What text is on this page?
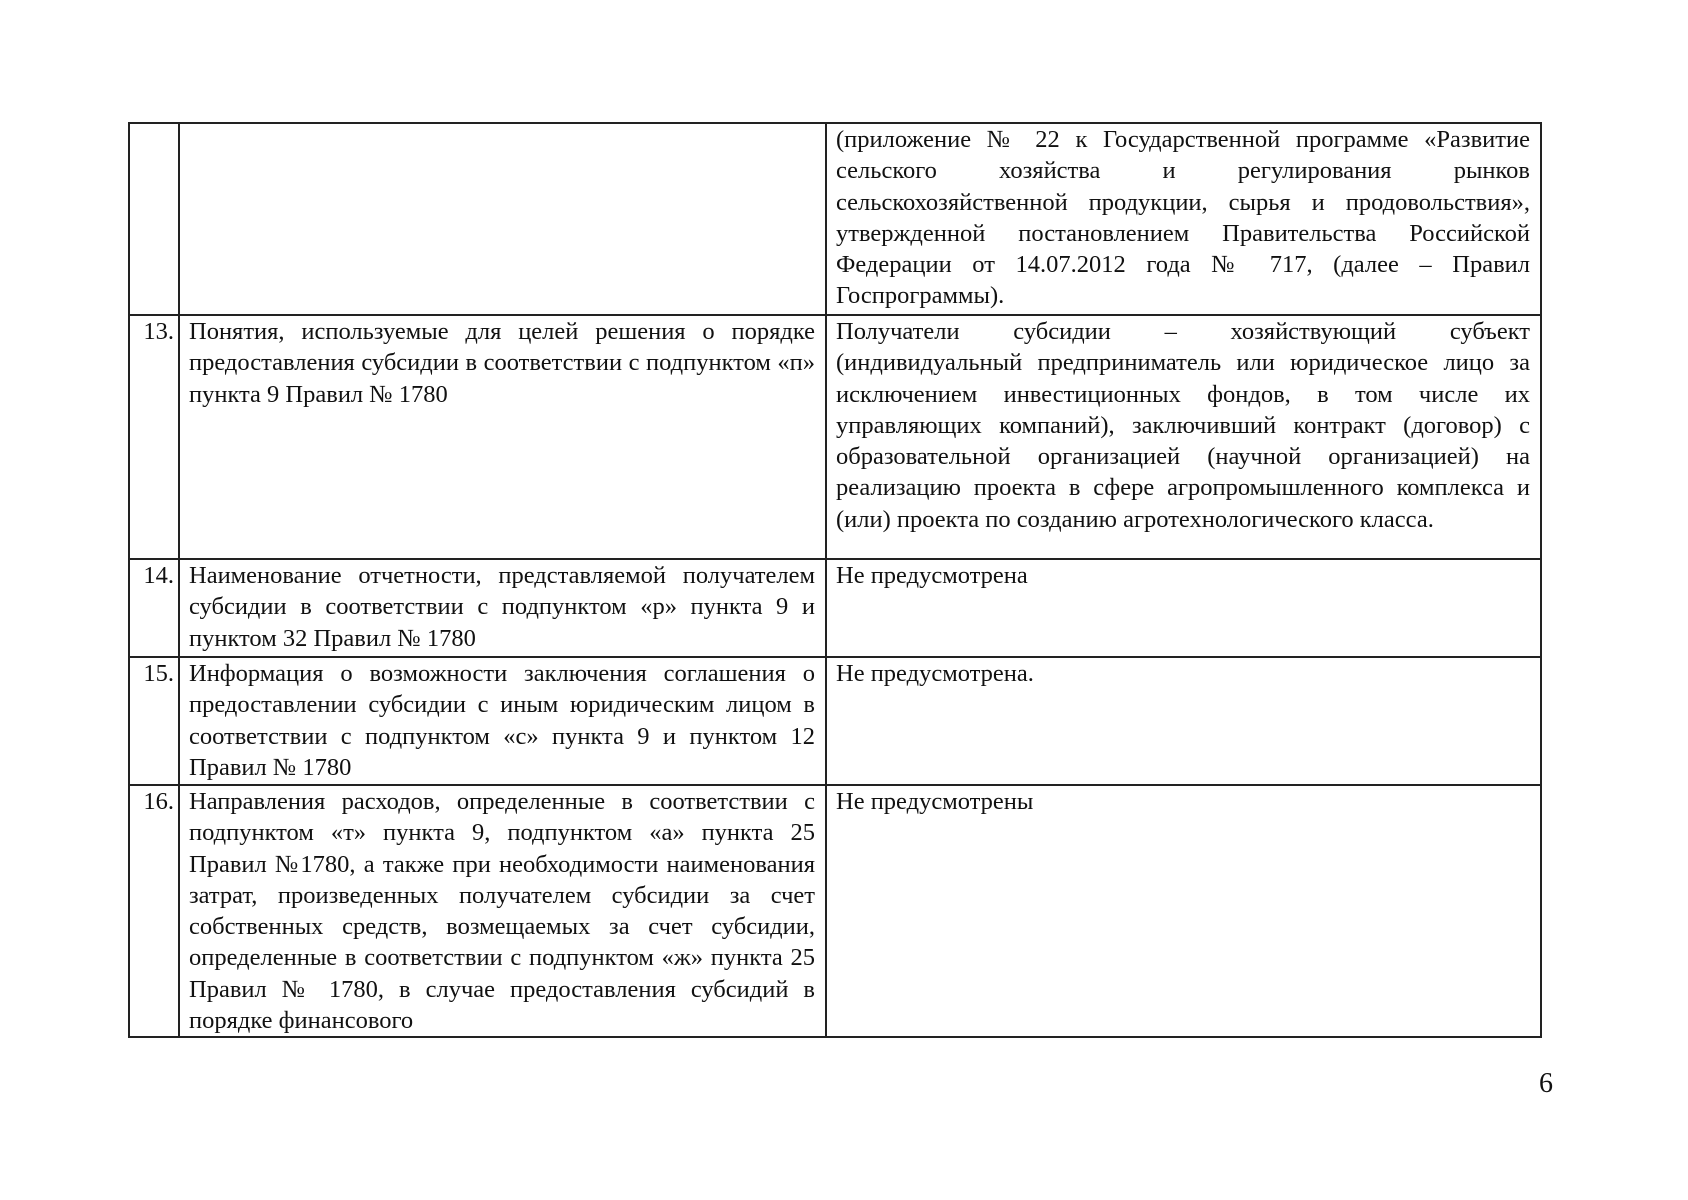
		(приложение № 22 к Государственной программе «Развитие сельского хозяйства и регулирования рынков сельскохозяйственной продукции, сырья и продовольствия», утвержденной постановлением Правительства Российской Федерации от 14.07.2012 года № 717, (далее – Правил Госпрограммы).
13.	Понятия, используемые для целей решения о порядке предоставления субсидии в соответствии с подпунктом «п» пункта 9 Правил № 1780	Получатели субсидии – хозяйствующий субъект (индивидуальный предприниматель или юридическое лицо за исключением инвестиционных фондов, в том числе их управляющих компаний), заключивший контракт (договор) с образовательной организацией (научной организацией) на реализацию проекта в сфере агропромышленного комплекса и (или) проекта по созданию агротехнологического класса.
14.	Наименование отчетности, представляемой получателем субсидии в соответствии с подпунктом «р» пункта 9 и пунктом 32 Правил № 1780	Не предусмотрена
15.	Информация о возможности заключения соглашения о предоставлении субсидии с иным юридическим лицом в соответствии с подпунктом «с» пункта 9 и пунктом 12 Правил № 1780	Не предусмотрена.
16.	Направления расходов, определенные в соответствии с подпунктом «т» пункта 9, подпунктом «а» пункта 25 Правил №1780, а также при необходимости наименования затрат, произведенных получателем субсидии за счет собственных средств, возмещаемых за счет субсидии, определенные в соответствии с подпунктом «ж» пункта 25 Правил № 1780, в случае предоставления субсидий в порядке финансового	Не предусмотрены
6
